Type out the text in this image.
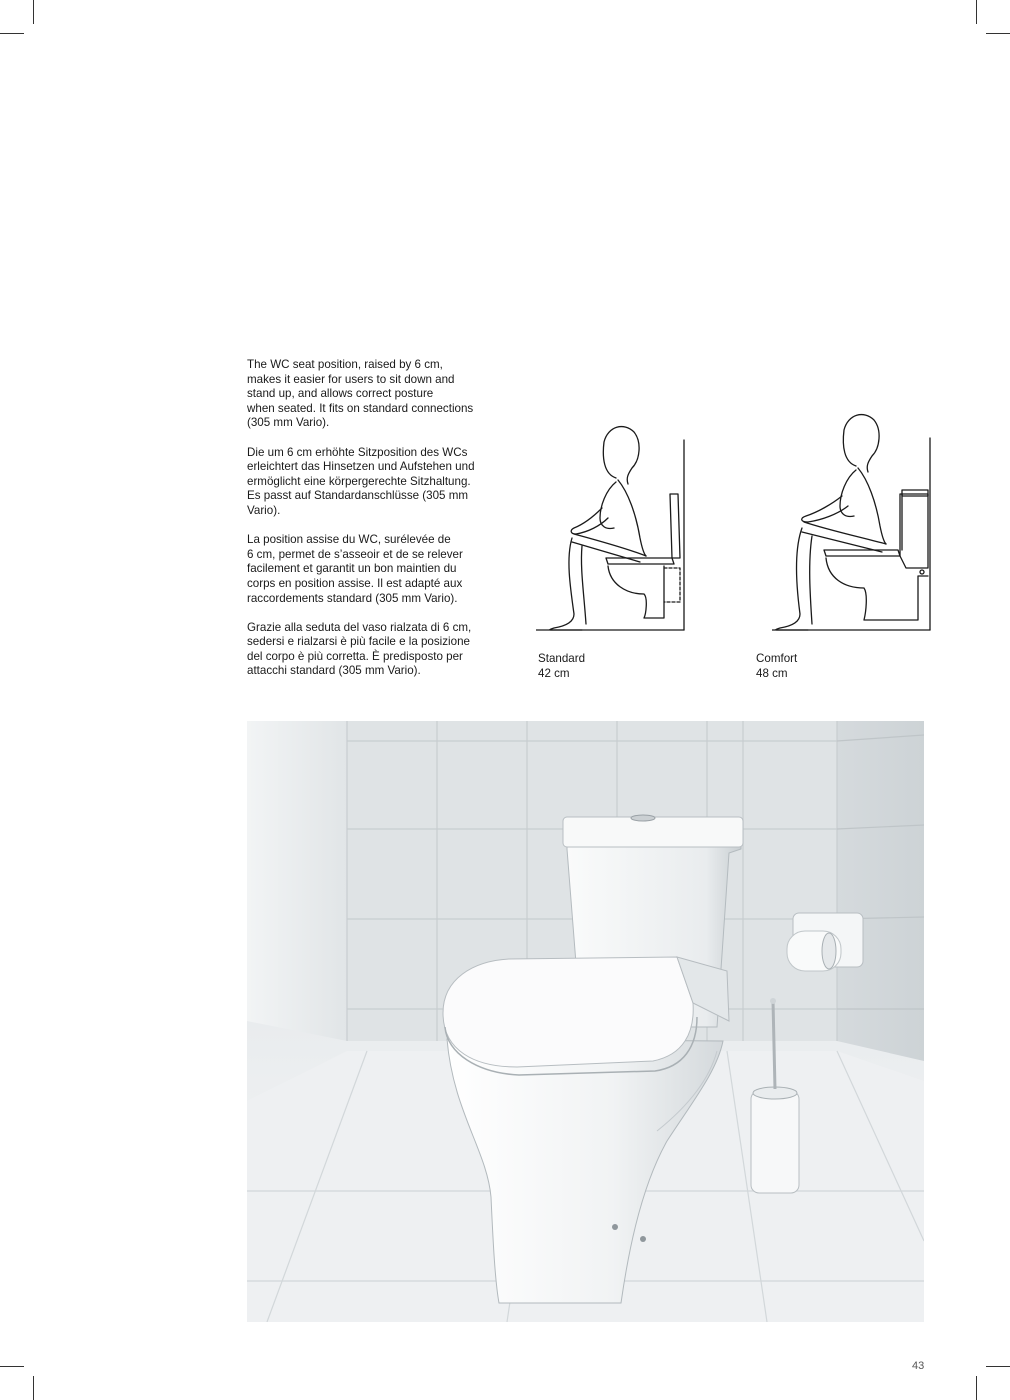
The WC seat position, raised by 6 cm,
makes it easier for users to sit down and
stand up, and allows correct posture
when seated. It fits on standard connections
(305 mm Vario).

Die um 6 cm erhöhte Sitzposition des WCs
erleichtert das Hinsetzen und Aufstehen und
ermöglicht eine körpergerechte Sitzhaltung.
Es passt auf Standardanschlüsse (305 mm
Vario).

La position assise du WC, surélevée de
6 cm, permet de s’asseoir et de se relever
facilement et garantit un bon maintien du
corps en position assise. Il est adapté aux
raccordements standard (305 mm Vario).

Grazie alla seduta del vaso rialzata di 6 cm,
sedersi e rialzarsi è più facile e la posizione
del corpo è più corretta. È predisposto per
attacchi standard (305 mm Vario).

Standard
42 cm
Comfort
48 cm
43
